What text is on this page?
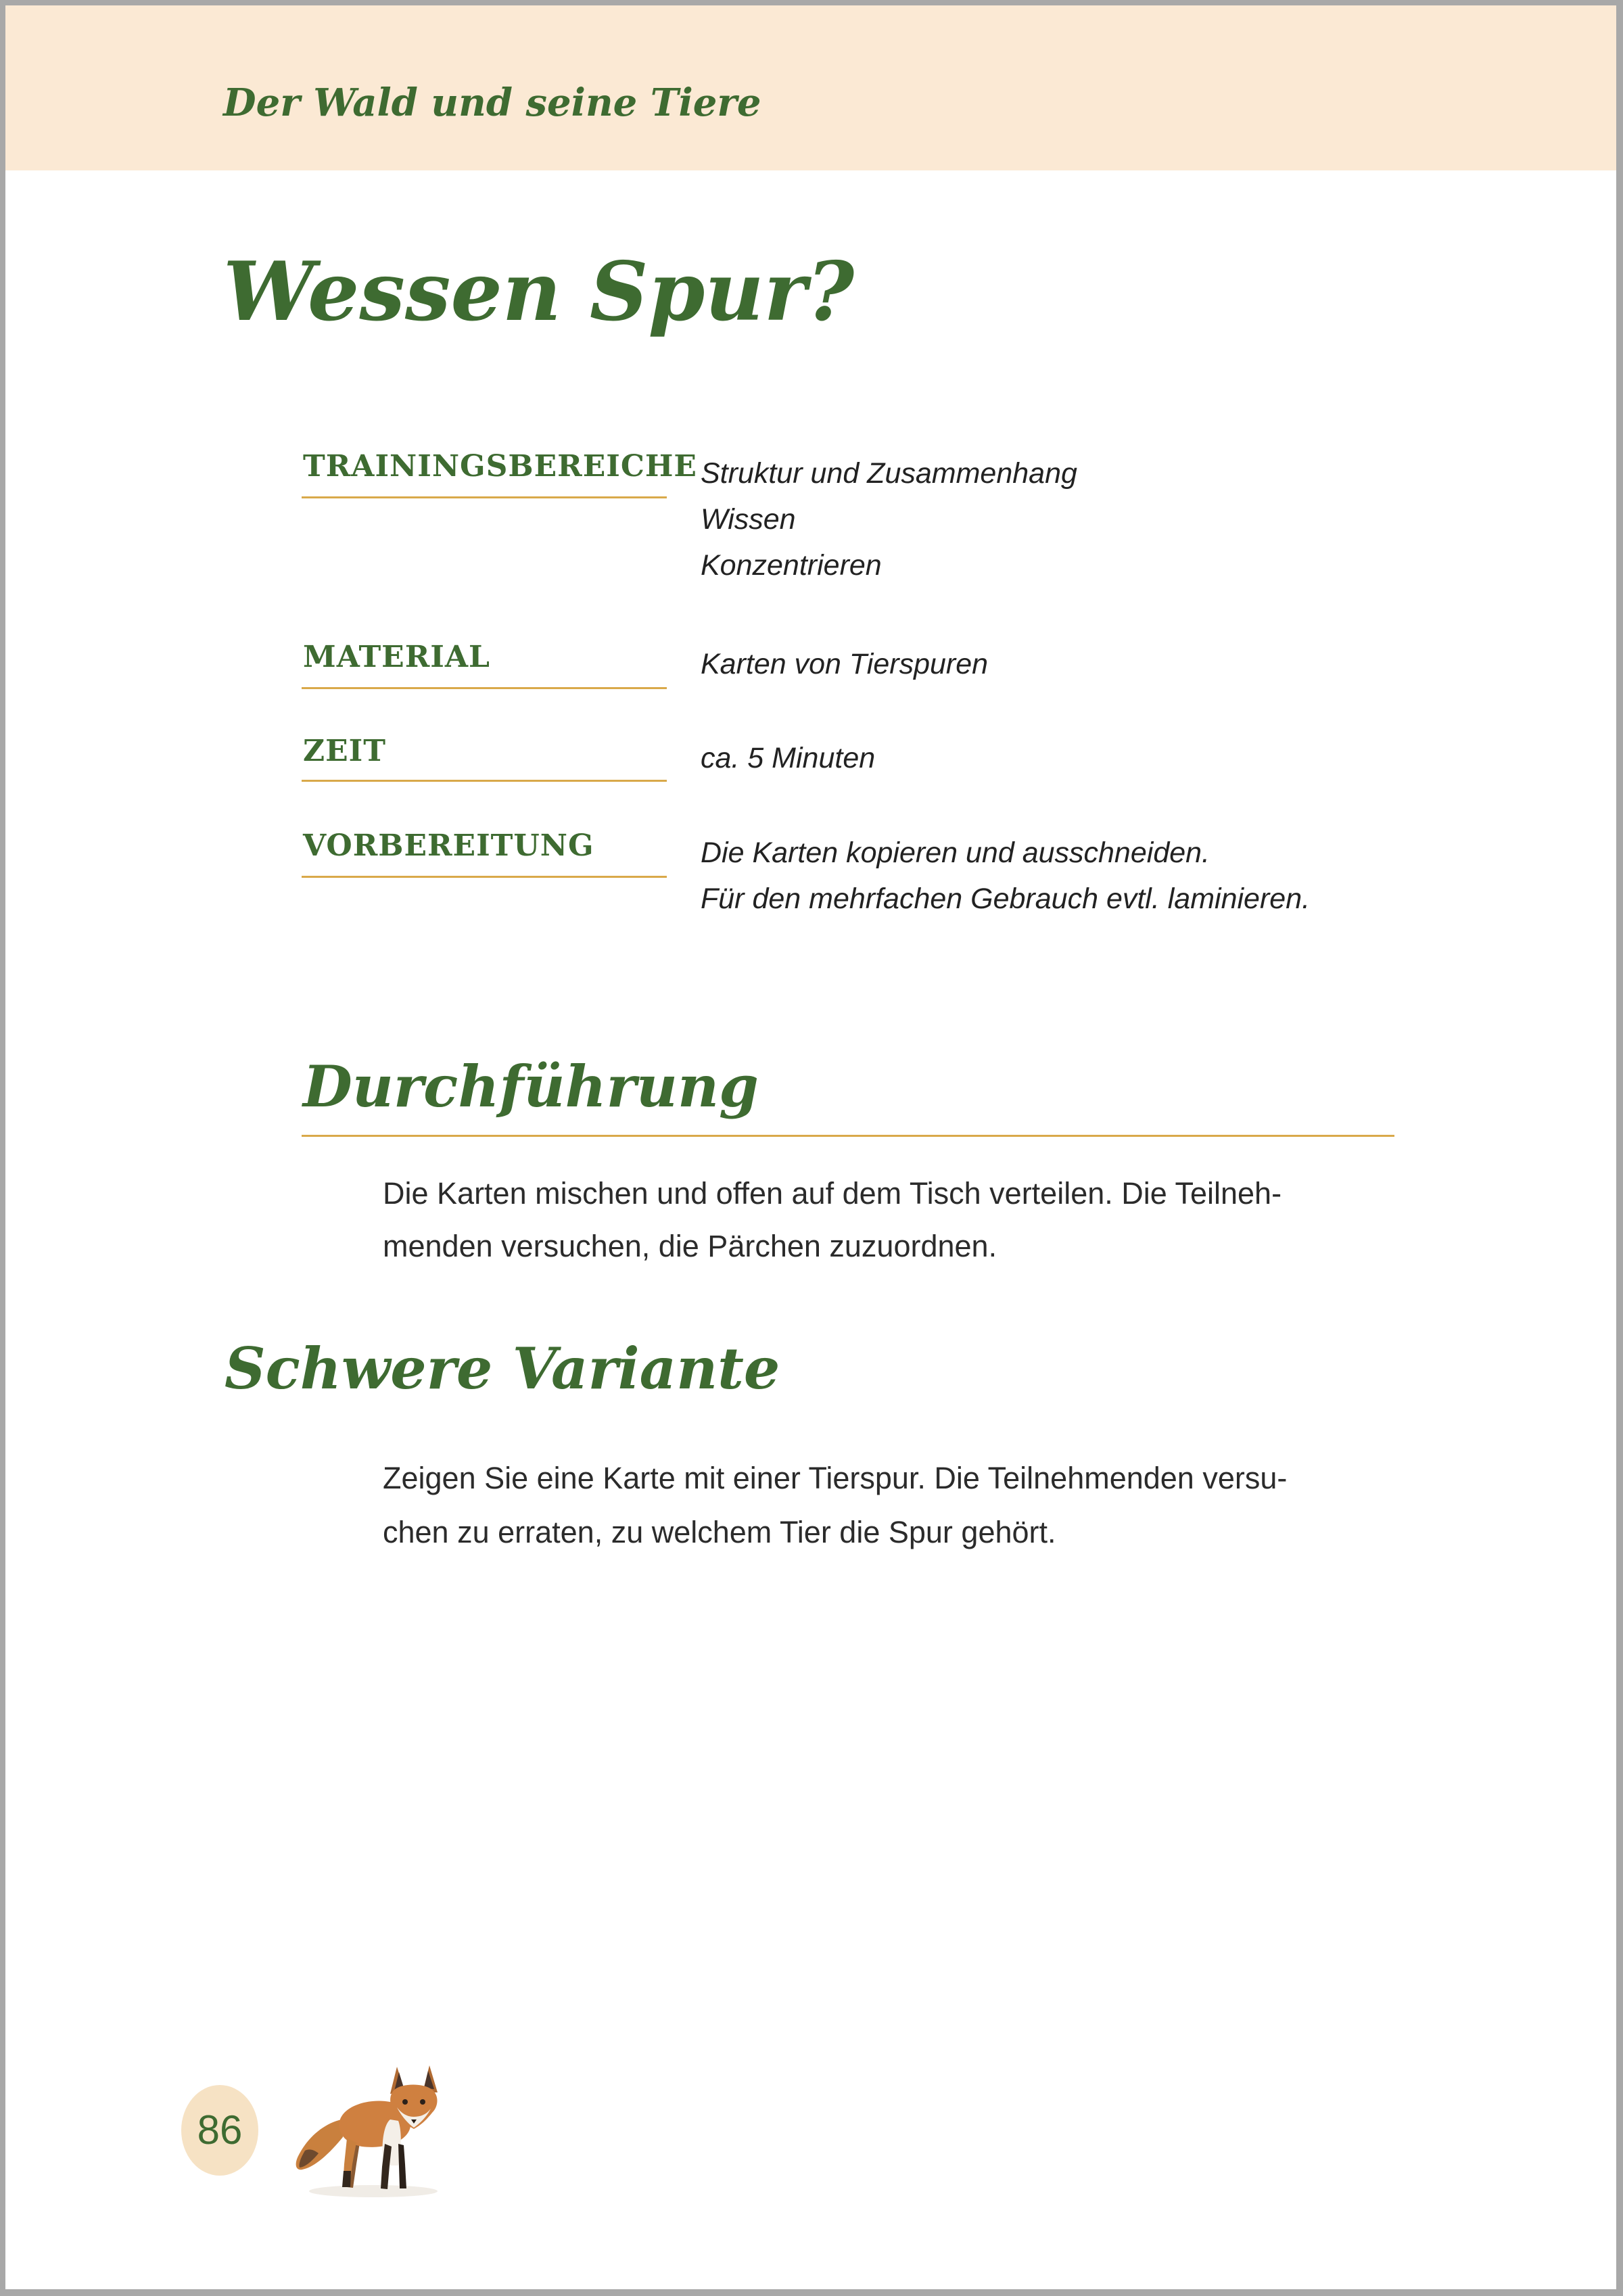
Der Wald und seine Tiere
Wessen Spur?
TRAININGSBEREICHE Struktur und Zusammenhang
Wissen
Konzentrieren
MATERIAL	Karten von Tierspuren
ZEIT	ca. 5 Minuten
VORBEREITUNG	Die Karten kopieren und ausschneiden.
Für den mehrfachen Gebrauch evtl. laminieren.
Durchführung
Die Karten mischen und offen auf dem Tisch verteilen. Die Teilneh-
menden versuchen, die Pärchen zuzuordnen.
Schwere Variante
Zeigen Sie eine Karte mit einer Tierspur. Die Teilnehmenden versu-
chen zu erraten, zu welchem Tier die Spur gehört.
86
